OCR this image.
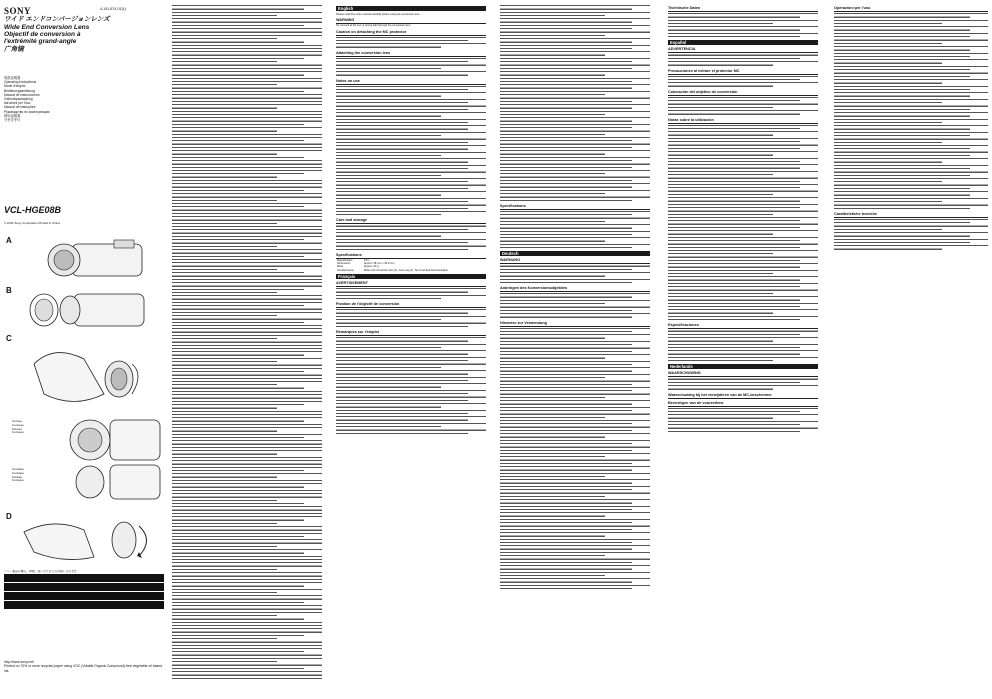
SONY	4-191-874-01(1)
ワイド エンドコンバージョンレンズ
Wide End Conversion Lens
Objectif de conversion à
l'extrémité grand-angle
广角镜
取扱説明書
Operating Instructions
Mode d'emploi
Bedienungsanleitung
Manual de instrucciones
Gebruiksaanwijzing
Istruzioni per l'uso
Manual de instruções
Руководство по эксплуатации
使用說明書
사용설명서
VCL-HGE08B
© 2011 Sony Corporation Printed in China
A
B
C
Convex
Convexe
Konvex
Convexo
Concave
Concave
Konkav
Cóncavo
D
ソニー製品の購入、修理、使いかたなどのお問い合わせ先
http://www.sony.net/
Printed on 70% or more recycled paper using VOC (Volatile Organic Compound)-free vegetable oil based ink.
English
Please read this entire manual carefully before using the conversion lens
WARNING
Do not look at the sun or strong light through the conversion lens.
Caution on detaching the MC protector
Attaching the conversion lens
Notes on use
Care and storage
Specifications
Magnification	0.8 ×
Dimensions	Approx. 68 mm × 30.8 mm
Mass	Approx. 60 g
Included items	Wide end conversion lens (1), Lens cap (1), Set of printed documentation
Français
AVERTISSEMENT
Fixation de l'objectif de conversion
Remarques sur l'emploi
Spécifications
Deutsch
WARNUNG
Anbringen des Konversionsobjektivs
Hinweise zur Verwendung
Technische Daten
Español
ADVERTENCIA
Precauciones al extraer el protector MC
Colocación del objetivo de conversión
Notas sobre la utilización
Especificaciones
Nederlands
WAARSCHUWING
Waarschuwing bij het verwijderen van de MC-beschermer
Bevestigen van de voorzetlens
Operazioni per l'uso
Caratteristiche tecniche
